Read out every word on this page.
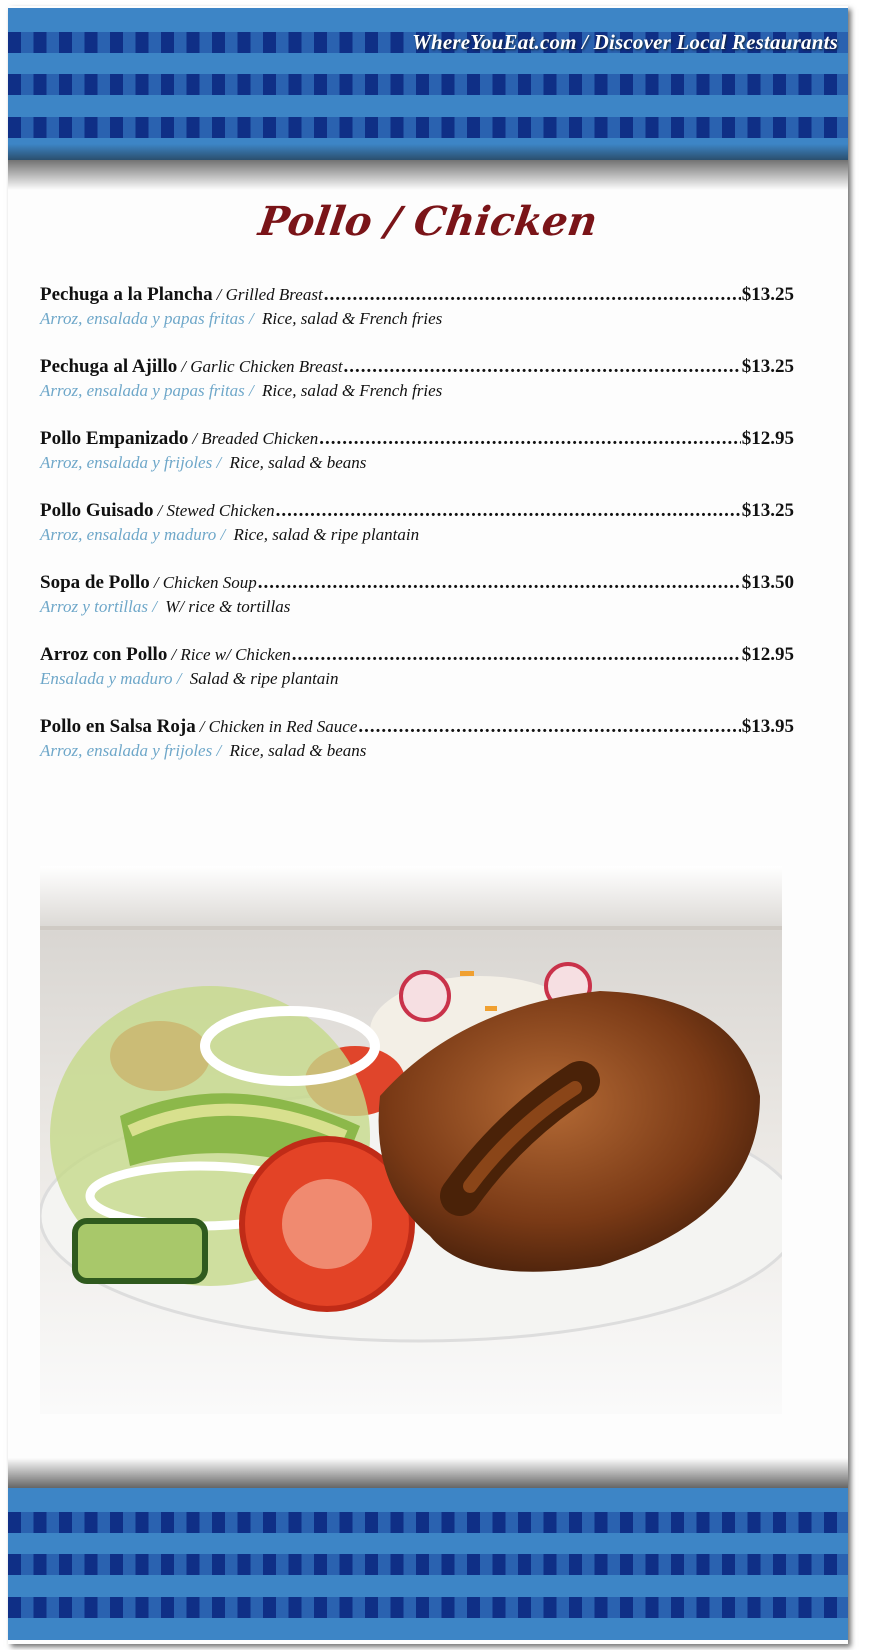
WhereYouEat.com / Discover Local Restaurants
Pollo / Chicken
Pechuga a la Plancha / Grilled Breast .....	$13.25
Arroz, ensalada y papas fritas / Rice, salad & French fries
Pechuga al Ajillo / Garlic Chicken Breast .....	$13.25
Arroz, ensalada y papas fritas / Rice, salad & French fries
Pollo Empanizado / Breaded Chicken .....	$12.95
Arroz, ensalada y frijoles / Rice, salad & beans
Pollo Guisado / Stewed Chicken .....	$13.25
Arroz, ensalada y maduro / Rice, salad & ripe plantain
Sopa de Pollo / Chicken Soup .....	$13.50
Arroz y tortillas / W/ rice & tortillas
Arroz con Pollo / Rice w/ Chicken .....	$12.95
Ensalada y maduro / Salad & ripe plantain
Pollo en Salsa Roja / Chicken in Red Sauce .....	$13.95
Arroz, ensalada y frijoles / Rice, salad & beans
